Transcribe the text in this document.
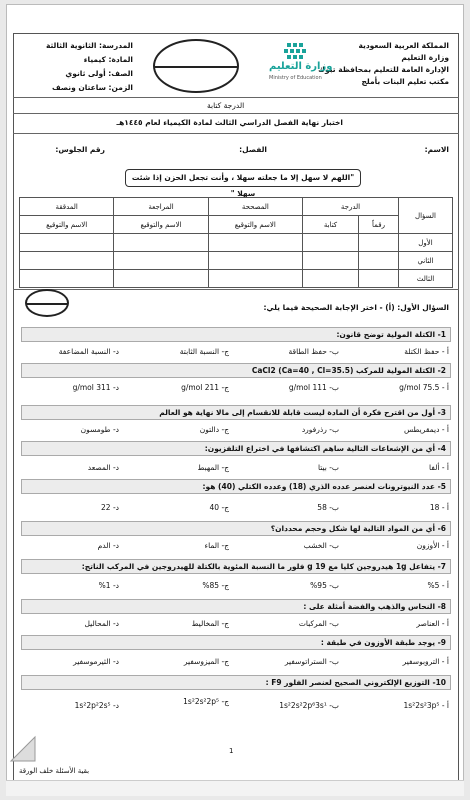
المملكة العربية السعودية
وزارة التعليم
الإدارة العامة للتعليم بمحافظة تبوك
مكتب تعليم البنات بأملج
وزارة التعليم
Ministry of Education
المدرسة: الثانوية الثالثة
المادة: كيمياء
الصف: أولى ثانوي
الزمن: ساعتان ونصف
الدرجة كتابة
اختبار نهاية الفصل الدراسي الثالث لمادة الكيمياء لعام ١٤٤٥هـ
الاسم:
الفصل:
رقم الجلوس:
"اللهم لا سهل إلا ما جعلته سهلا ، وأنت تجعل الحزن إذا شئت سهلا "
السؤال	الدرجة		المصححة	المراجعة	المدققة
	رقماً	كتابة	الاسم والتوقيع	الاسم والتوقيع	الاسم والتوقيع
الأول					
الثاني					
الثالث					
السؤال الأول: (أ) - اختر الإجابة الصحيحة فيما يلي:
1- الكتلة المولية توضح قانون:
أ - حفظ الكتلة
ب- حفظ الطاقة
ج- النسبة الثابتة
د- النسبة المضاعفة
2- الكتلة المولية للمركب CaCl2 (Ca=40 , Cl=35.5)
أ - 75.5 g/mol
ب- 111 g/mol
ج- 211 g/mol
د- 311 g/mol
3- أول من اقترح فكرة أن المادة ليست قابلة للانقسام إلى مالا نهاية هو العالم
أ - ديمقريطس
ب- رذرفورد
ج- دالتون
د- طومسون
4- أي من الإشعاعات التالية ساهم اكتشافها في اختراع التلفزيون:
أ - ألفا
ب- بيتا
ج- المهبط
د- المصعد
5- عدد النيوترونات لعنصر عدده الذري (18) وعدده الكتلي (40) هو:
أ - 18
ب- 58
ج- 40
د- 22
6- أي من المواد التالية لها شكل وحجم محددان؟
أ - الأوزون
ب- الخشب
ج- الماء
د- الدم
7- يتفاعل 1g هيدروجين كليا مع 19 g فلور ما النسبة المئوية بالكتلة للهيدروجين في المركب الناتج:
أ - 5%
ب- 95%
ج- 85%
د- 1%
8- النحاس والذهب والفضة أمثلة على :
أ - العناصر
ب- المركبات
ج- المخاليط
د- المحاليل
9- يوجد طبقة الأوزون في طبقة :
أ - التروبوسفير
ب- الستراتوسفير
ج- الميزوسفير
د- الثيرموسفير
10- التوزيع الإلكتروني الصحيح لعنصر الفلور F9 :
أ - 1s²2s²3p⁵
ب- 1s²2s²2p⁶3s¹
ج- 1s²2s²2p⁵
د- 1s²2p²2s⁵
1
بقية الأسئلة خلف الورقة
